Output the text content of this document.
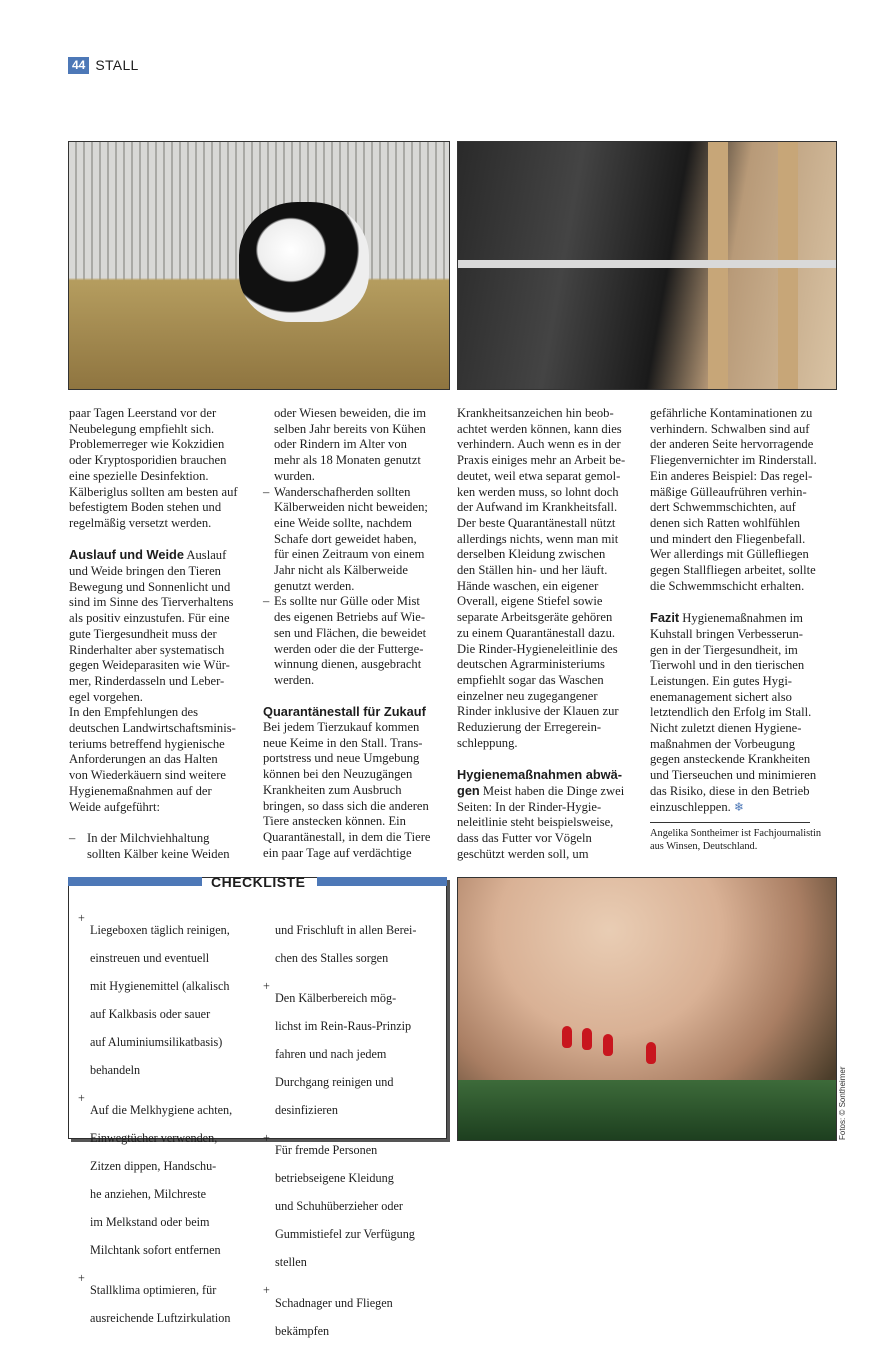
44 STALL

paar Tagen Leerstand vor der

Neubelegung empfiehlt sich.

Problemerreger wie Kokzidien

oder Kryptosporidien brauchen

eine spezielle Desinfektion.

Kälberiglus sollten am besten auf

befestigtem Boden stehen und

regelmäßig versetzt werden.

Auslauf und Weide Auslauf

und Weide bringen den Tieren

Bewegung und Sonnenlicht und

sind im Sinne des Tierverhaltens

als positiv einzustufen. Für eine

gute Tiergesundheit muss der

Rinderhalter aber systematisch

gegen Weideparasiten wie Wür-

mer, Rinderdasseln und Leber-

egel vorgehen.

In den Empfehlungen des

deutschen Landwirtschaftsminis-

teriums betreffend hygienische

Anforderungen an das Halten

von Wiederkäuern sind weitere

Hygienemaßnahmen auf der

Weide aufgeführt:

– In der Milchviehhaltung

sollten Kälber keine Weiden

oder Wiesen beweiden, die im

selben Jahr bereits von Kühen

oder Rindern im Alter von

mehr als 18 Monaten genutzt

wurden.

– Wanderschafherden sollten

Kälberweiden nicht beweiden;

eine Weide sollte, nachdem

Schafe dort geweidet haben,

für einen Zeitraum von einem

Jahr nicht als Kälberweide

genutzt werden.

– Es sollte nur Gülle oder Mist

des eigenen Betriebs auf Wie-

sen und Flächen, die beweidet

werden oder die der Futterge-

winnung dienen, ausgebracht

werden.

Quarantänestall für Zukauf

Bei jedem Tierzukauf kommen

neue Keime in den Stall. Trans-

portstress und neue Umgebung

können bei den Neuzugängen

Krankheiten zum Ausbruch

bringen, so dass sich die anderen

Tiere anstecken können. Ein

Quarantänestall, in dem die Tiere

ein paar Tage auf verdächtige

Krankheitsanzeichen hin beob-

achtet werden können, kann dies

verhindern. Auch wenn es in der

Praxis einiges mehr an Arbeit be-

deutet, weil etwa separat gemol-

ken werden muss, so lohnt doch

der Aufwand im Krankheitsfall.

Der beste Quarantänestall nützt

allerdings nichts, wenn man mit

derselben Kleidung zwischen

den Ställen hin- und her läuft.

Hände waschen, ein eigener

Overall, eigene Stiefel sowie

separate Arbeitsgeräte gehören

zu einem Quarantänestall dazu.

Die Rinder-Hygieneleitlinie des

deutschen Agrarministeriums

empfiehlt sogar das Waschen

einzelner neu zugegangener

Rinder inklusive der Klauen zur

Reduzierung der Erregerein-

schleppung.

Hygienemaßnahmen abwä-

gen Meist haben die Dinge zwei

Seiten: In der Rinder-Hygie-

neleitlinie steht beispielsweise,

dass das Futter vor Vögeln

geschützt werden soll, um

gefährliche Kontaminationen zu

verhindern. Schwalben sind auf

der anderen Seite hervorragende

Fliegenvernichter im Rinderstall.

Ein anderes Beispiel: Das regel-

mäßige Gülleaufrühren verhin-

dert Schwemmschichten, auf

denen sich Ratten wohlfühlen

und mindert den Fliegenbefall.

Wer allerdings mit Gülleﬂiegen

gegen Stallfliegen arbeitet, sollte

die Schwemmschicht erhalten.

Fazit Hygienemaßnahmen im

Kuhstall bringen Verbesserun-

gen in der Tiergesundheit, im

Tierwohl und in den tierischen

Leistungen. Ein gutes Hygi-

enemanagement sichert also

letztendlich den Erfolg im Stall.

Nicht zuletzt dienen Hygiene-

maßnahmen der Vorbeugung

gegen ansteckende Krankheiten

und Tierseuchen und minimieren

das Risiko, diese in den Betrieb

einzuschleppen. ❄

Angelika Sontheimer ist Fachjournalistin

aus Winsen, Deutschland.

CHECKLISTE
+

Liegeboxen täglich reinigen,

einstreuen und eventuell

mit Hygienemittel (alkalisch

auf Kalkbasis oder sauer

auf Aluminiumsilikatbasis)

behandeln

+

Auf die Melkhygiene achten,

Einwegtücher verwenden,

Zitzen dippen, Handschu-

he anziehen, Milchreste

im Melkstand oder beim

Milchtank sofort entfernen

+

Stallklima optimieren, für

ausreichende Luftzirkulation

und Frischluft in allen Berei-

chen des Stalles sorgen

+

Den Kälberbereich mög-

lichst im Rein-Raus-Prinzip

fahren und nach jedem

Durchgang reinigen und

desinfizieren

+

Für fremde Personen

betriebseigene Kleidung

und Schuhüberzieher oder

Gummistiefel zur Verfügung

stellen

+

Schadnager und Fliegen

bekämpfen

Fotos: © Sontheimer
